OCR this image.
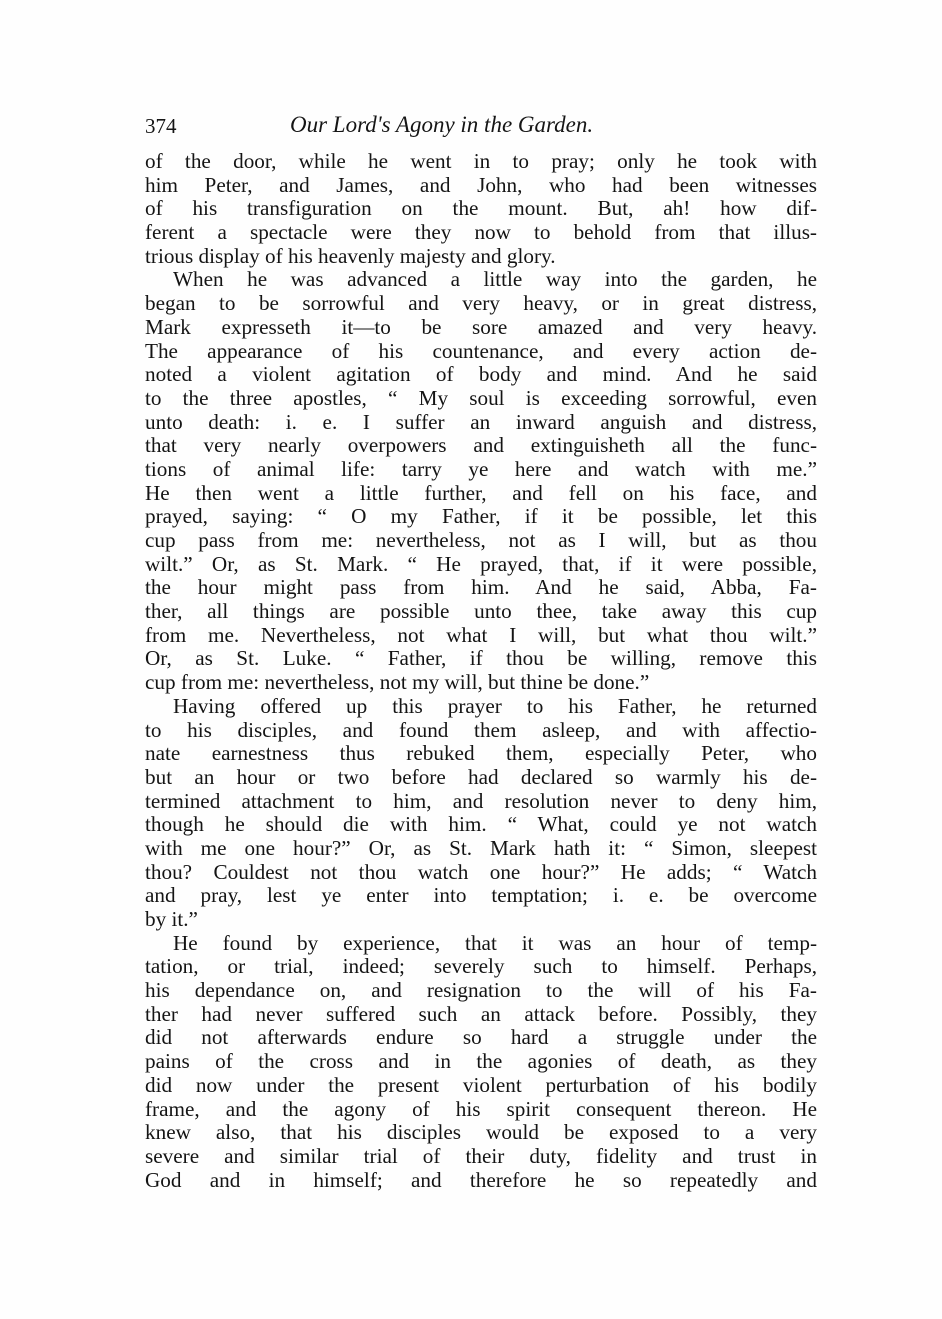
374	Our Lord's Agony in the Garden.
of the door, while he went in to pray; only he took with
him Peter, and James, and John, who had been witnesses
of his transfiguration on the mount. But, ah! how dif-
ferent a spectacle were they now to behold from that illus-
trious display of his heavenly majesty and glory.
When he was advanced a little way into the garden, he
began to be sorrowful and very heavy, or in great distress,
Mark expresseth it—to be sore amazed and very heavy.
The appearance of his countenance, and every action de-
noted a violent agitation of body and mind. And he said
to the three apostles, “ My soul is exceeding sorrowful, even
unto death: i. e. I suffer an inward anguish and distress,
that very nearly overpowers and extinguisheth all the func-
tions of animal life: tarry ye here and watch with me.”
He then went a little further, and fell on his face, and
prayed, saying: “ O my Father, if it be possible, let this
cup pass from me: nevertheless, not as I will, but as thou
wilt.” Or, as St. Mark. “ He prayed, that, if it were possible,
the hour might pass from him. And he said, Abba, Fa-
ther, all things are possible unto thee, take away this cup
from me. Nevertheless, not what I will, but what thou wilt.”
Or, as St. Luke. “ Father, if thou be willing, remove this
cup from me: nevertheless, not my will, but thine be done.”
Having offered up this prayer to his Father, he returned
to his disciples, and found them asleep, and with affectio-
nate earnestness thus rebuked them, especially Peter, who
but an hour or two before had declared so warmly his de-
termined attachment to him, and resolution never to deny him,
though he should die with him. “ What, could ye not watch
with me one hour?” Or, as St. Mark hath it: “ Simon, sleepest
thou? Couldest not thou watch one hour?” He adds; “ Watch
and pray, lest ye enter into temptation; i. e. be overcome
by it.”
He found by experience, that it was an hour of temp-
tation, or trial, indeed; severely such to himself. Perhaps,
his dependance on, and resignation to the will of his Fa-
ther had never suffered such an attack before. Possibly, they
did not afterwards endure so hard a struggle under the
pains of the cross and in the agonies of death, as they
did now under the present violent perturbation of his bodily
frame, and the agony of his spirit consequent thereon. He
knew also, that his disciples would be exposed to a very
severe and similar trial of their duty, fidelity and trust in
God and in himself; and therefore he so repeatedly and
